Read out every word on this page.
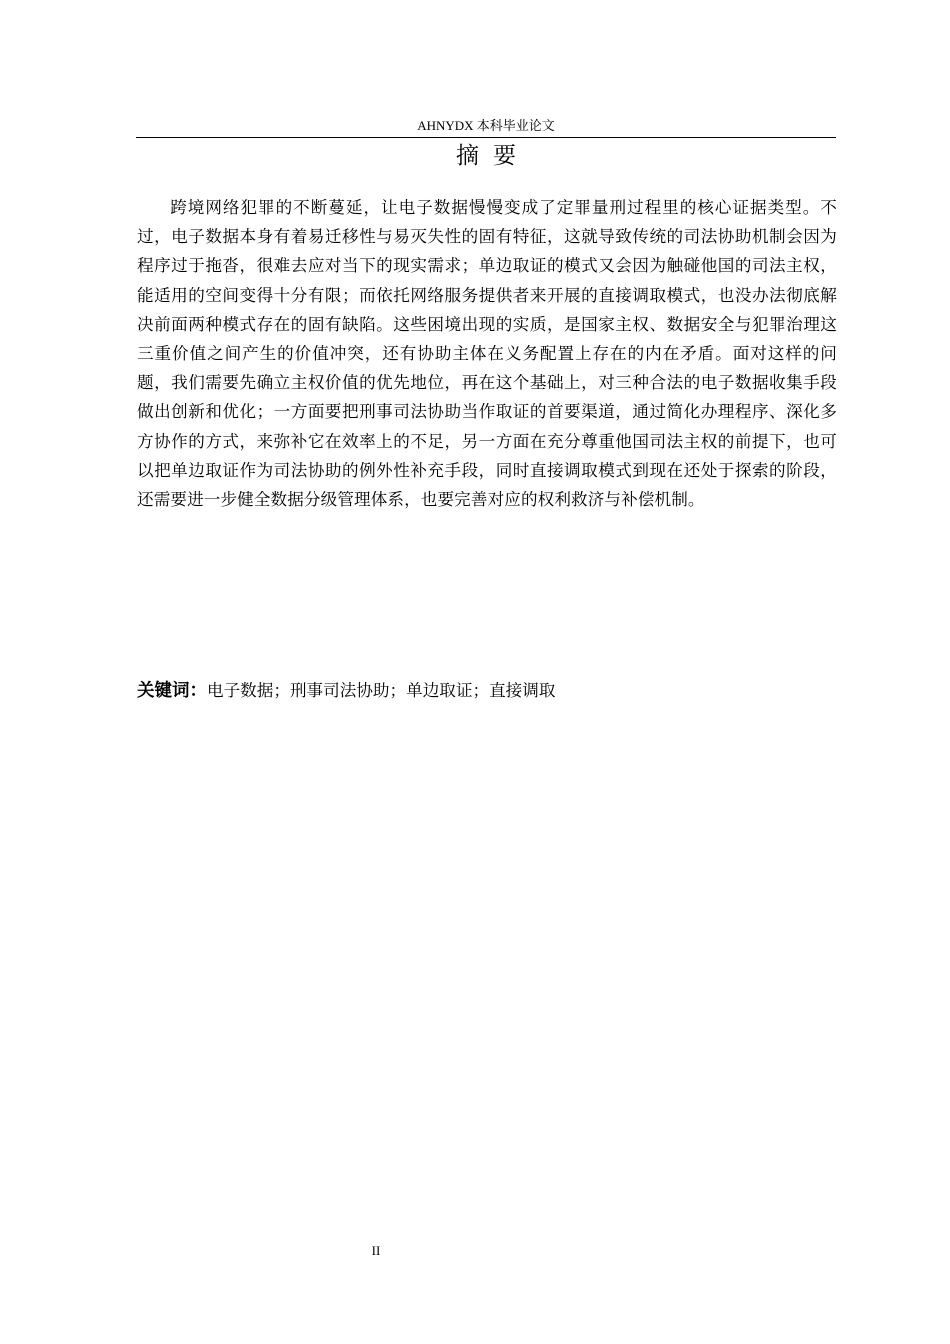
AHNYDX 本科毕业论文
摘要

跨境网络犯罪的不断蔓延，让电子数据慢慢变成了定罪量刑过程里的核心证据类型。不过，电子数据本身有着易迁移性与易灭失性的固有特征，这就导致传统的司法协助机制会因为程序过于拖沓，很难去应对当下的现实需求；单边取证的模式又会因为触碰他国的司法主权，能适用的空间变得十分有限；而依托网络服务提供者来开展的直接调取模式，也没办法彻底解决前面两种模式存在的固有缺陷。这些困境出现的实质，是国家主权、数据安全与犯罪治理这三重价值之间产生的价值冲突，还有协助主体在义务配置上存在的内在矛盾。面对这样的问题，我们需要先确立主权价值的优先地位，再在这个基础上，对三种合法的电子数据收集手段做出创新和优化；一方面要把刑事司法协助当作取证的首要渠道，通过简化办理程序、深化多方协作的方式，来弥补它在效率上的不足，另一方面在充分尊重他国司法主权的前提下，也可以把单边取证作为司法协助的例外性补充手段，同时直接调取模式到现在还处于探索的阶段，还需要进一步健全数据分级管理体系，也要完善对应的权利救济与补偿机制。

关键词：电子数据；刑事司法协助；单边取证；直接调取
II
